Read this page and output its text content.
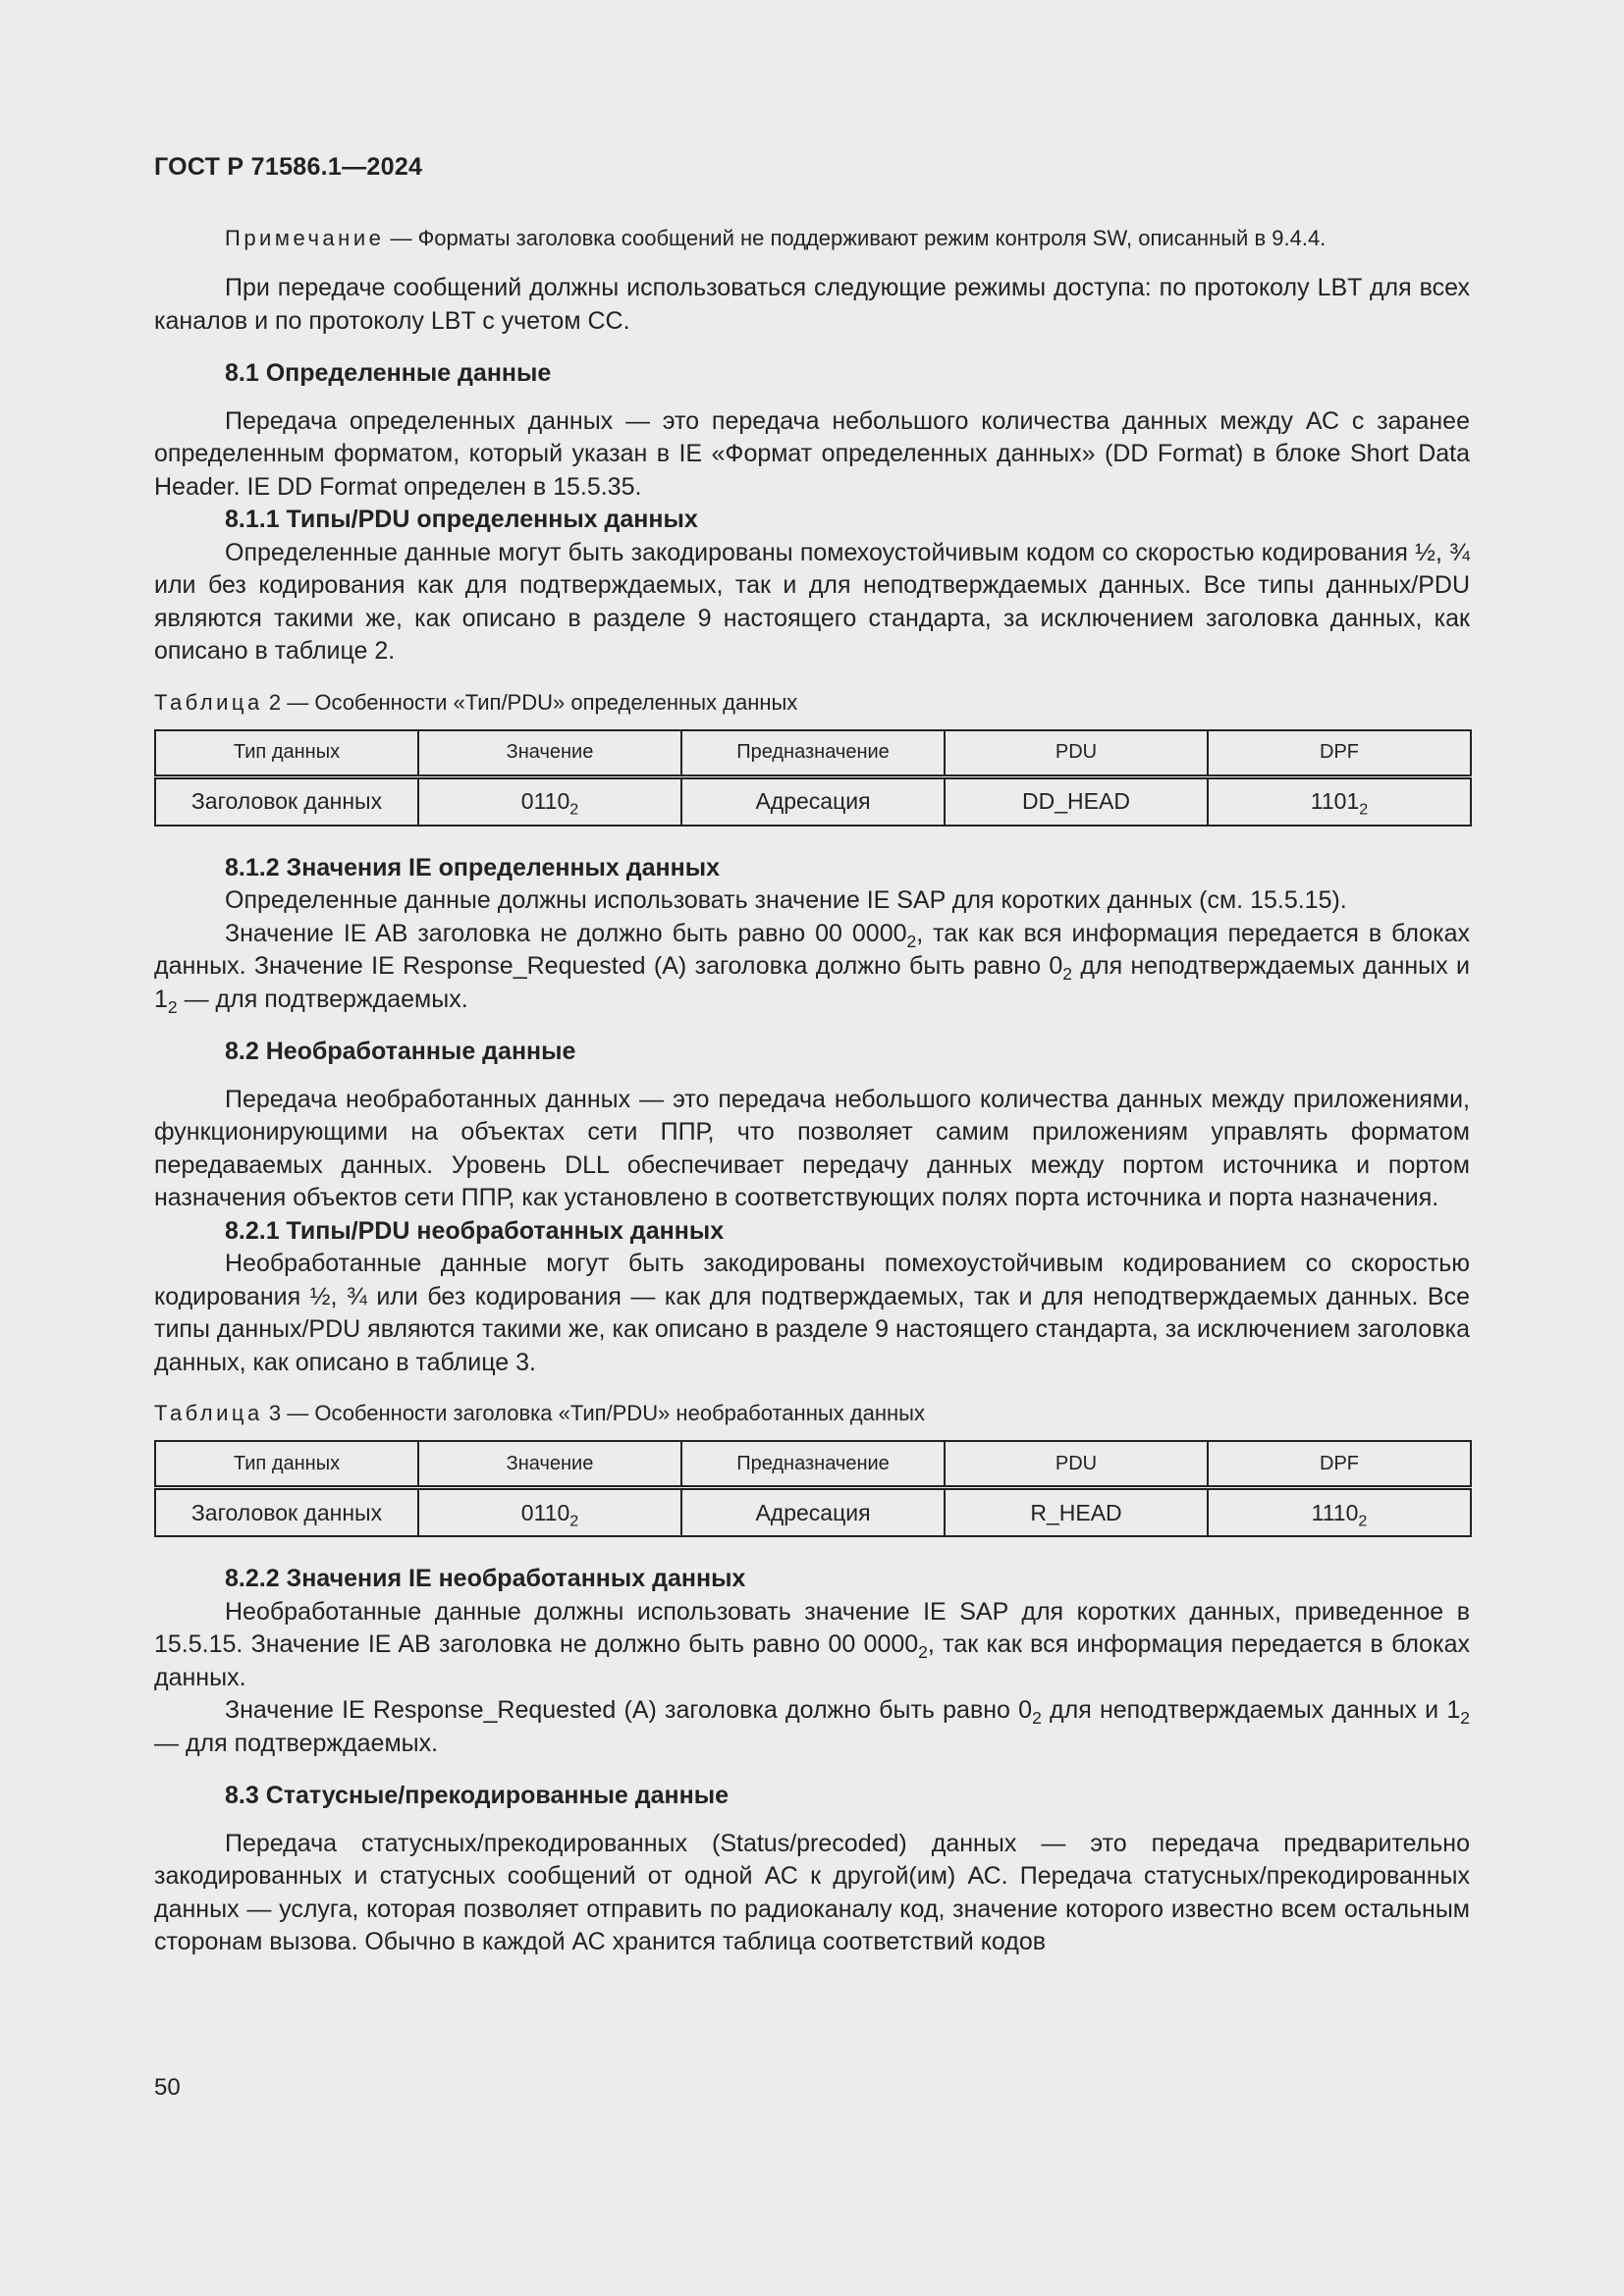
ГОСТ Р 71586.1—2024

Примечание — Форматы заголовка сообщений не поддерживают режим контроля SW, описанный в 9.4.4.

При передаче сообщений должны использоваться следующие режимы доступа: по протоколу LBT для всех каналов и по протоколу LBT с учетом CC.

8.1 Определенные данные

Передача определенных данных — это передача небольшого количества данных между АС с заранее определенным форматом, который указан в IE «Формат определенных данных» (DD Format) в блоке Short Data Header. IE DD Format определен в 15.5.35.

8.1.1 Типы/PDU определенных данных

Определенные данные могут быть закодированы помехоустойчивым кодом со скоростью кодирования ½, ¾ или без кодирования как для подтверждаемых, так и для неподтверждаемых данных. Все типы данных/PDU являются такими же, как описано в разделе 9 настоящего стандарта, за исключением заголовка данных, как описано в таблице 2.

Таблица 2 — Особенности «Тип/PDU» определенных данных

Тип данных	Значение	Предназначение	PDU	DPF
Заголовок данных	$0110_2$	Адресация	DD_HEAD	$1101_2$
8.1.2 Значения IE определенных данных

Определенные данные должны использовать значение IE SAP для коротких данных (см. 15.5.15).

Значение IE AB заголовка не должно быть равно 00 $0000_2$, так как вся информация передается в блоках данных. Значение IE Response_Requested (A) заголовка должно быть равно $0_2$ для неподтверждаемых данных и $1_2$ — для подтверждаемых.

8.2 Необработанные данные

Передача необработанных данных — это передача небольшого количества данных между приложениями, функционирующими на объектах сети ППР, что позволяет самим приложениям управлять форматом передаваемых данных. Уровень DLL обеспечивает передачу данных между портом источника и портом назначения объектов сети ППР, как установлено в соответствующих полях порта источника и порта назначения.

8.2.1 Типы/PDU необработанных данных

Необработанные данные могут быть закодированы помехоустойчивым кодированием со скоростью кодирования ½, ¾ или без кодирования — как для подтверждаемых, так и для неподтверждаемых данных. Все типы данных/PDU являются такими же, как описано в разделе 9 настоящего стандарта, за исключением заголовка данных, как описано в таблице 3.

Таблица 3 — Особенности заголовка «Тип/PDU» необработанных данных

Тип данных	Значение	Предназначение	PDU	DPF
Заголовок данных	$0110_2$	Адресация	R_HEAD	$1110_2$
8.2.2 Значения IE необработанных данных

Необработанные данные должны использовать значение IE SAP для коротких данных, приведенное в 15.5.15. Значение IE AB заголовка не должно быть равно 00 $0000_2$, так как вся информация передается в блоках данных.

Значение IE Response_Requested (A) заголовка должно быть равно $0_2$ для неподтверждаемых данных и $1_2$ — для подтверждаемых.

8.3 Статусные/прекодированные данные

Передача статусных/прекодированных (Status/precoded) данных — это передача предварительно закодированных и статусных сообщений от одной АС к другой(им) АС. Передача статусных/прекодированных данных — услуга, которая позволяет отправить по радиоканалу код, значение которого известно всем остальным сторонам вызова. Обычно в каждой АС хранится таблица соответствий кодов

50
